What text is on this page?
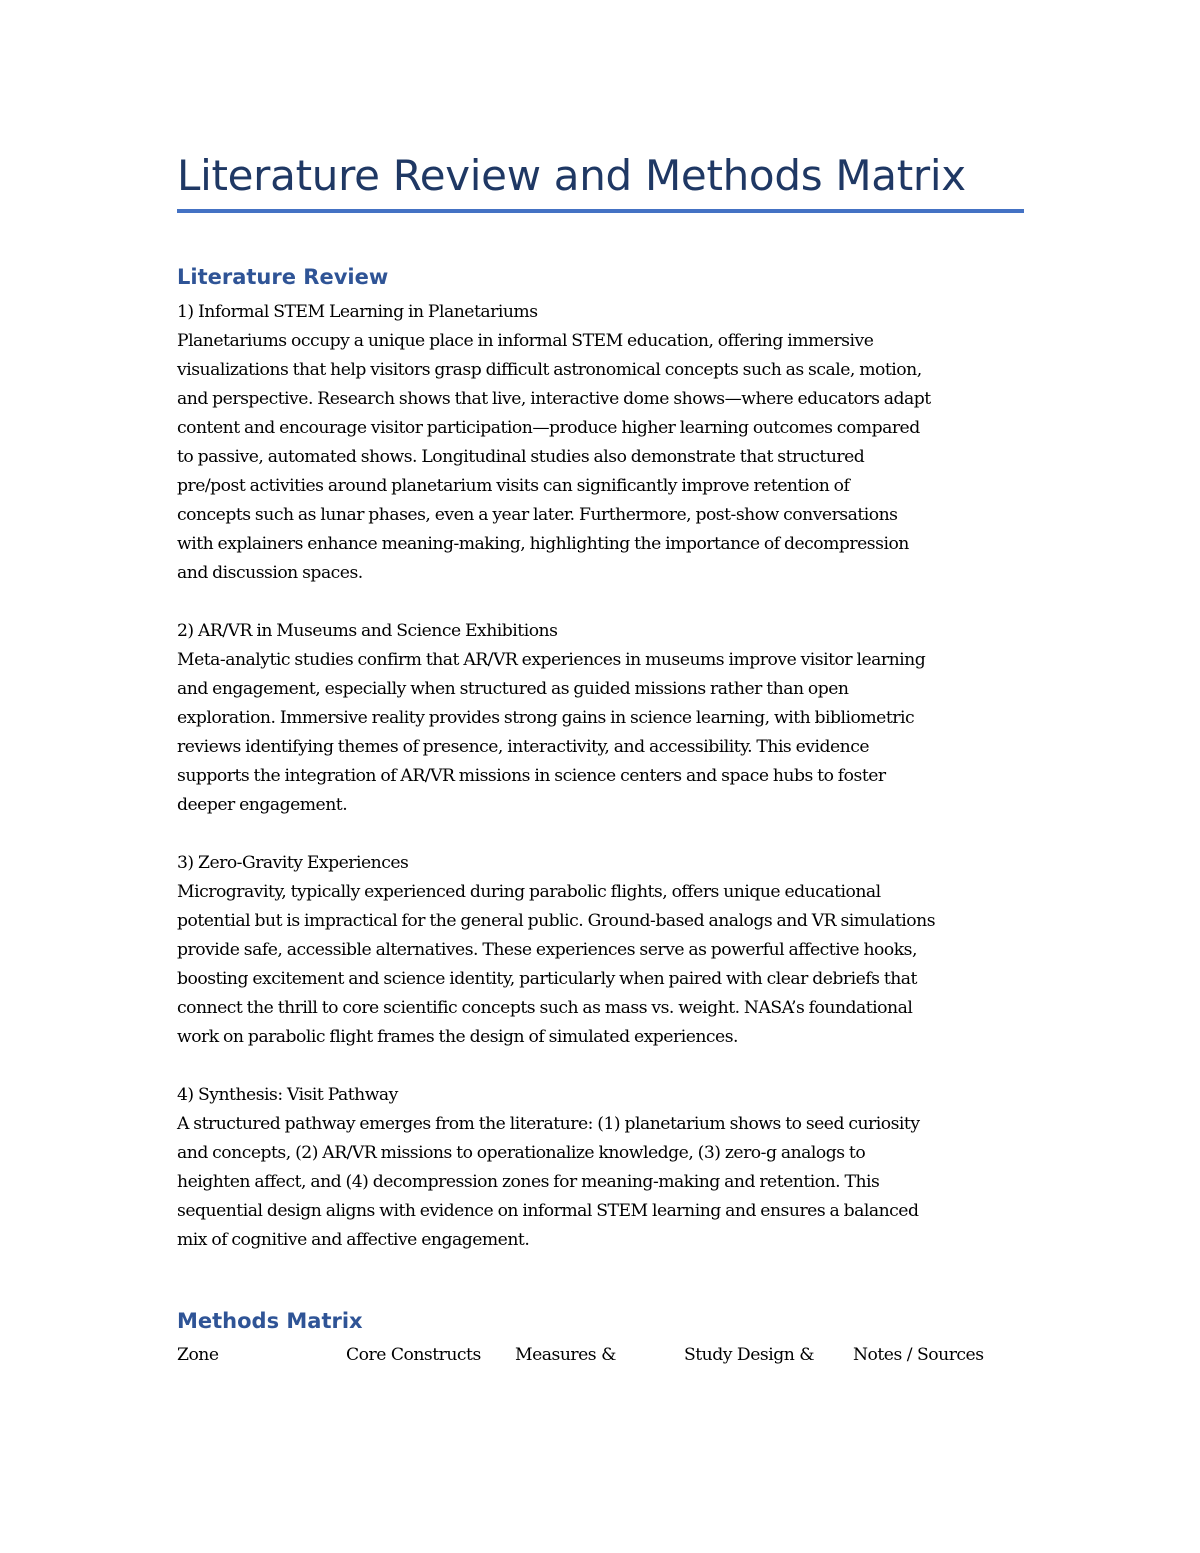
Literature Review and Methods Matrix
Literature Review

1) Informal STEM Learning in Planetariums

Planetariums occupy a unique place in informal STEM education, offering immersive

visualizations that help visitors grasp difficult astronomical concepts such as scale, motion,

and perspective. Research shows that live, interactive dome shows—where educators adapt

content and encourage visitor participation—produce higher learning outcomes compared

to passive, automated shows. Longitudinal studies also demonstrate that structured

pre/post activities around planetarium visits can significantly improve retention of

concepts such as lunar phases, even a year later. Furthermore, post-show conversations

with explainers enhance meaning-making, highlighting the importance of decompression

and discussion spaces.

2) AR/VR in Museums and Science Exhibitions

Meta-analytic studies confirm that AR/VR experiences in museums improve visitor learning

and engagement, especially when structured as guided missions rather than open

exploration. Immersive reality provides strong gains in science learning, with bibliometric

reviews identifying themes of presence, interactivity, and accessibility. This evidence

supports the integration of AR/VR missions in science centers and space hubs to foster

deeper engagement.

3) Zero-Gravity Experiences

Microgravity, typically experienced during parabolic flights, offers unique educational

potential but is impractical for the general public. Ground-based analogs and VR simulations

provide safe, accessible alternatives. These experiences serve as powerful affective hooks,

boosting excitement and science identity, particularly when paired with clear debriefs that

connect the thrill to core scientific concepts such as mass vs. weight. NASA’s foundational

work on parabolic flight frames the design of simulated experiences.

4) Synthesis: Visit Pathway

A structured pathway emerges from the literature: (1) planetarium shows to seed curiosity

and concepts, (2) AR/VR missions to operationalize knowledge, (3) zero-g analogs to

heighten affect, and (4) decompression zones for meaning-making and retention. This

sequential design aligns with evidence on informal STEM learning and ensures a balanced

mix of cognitive and affective engagement.

Methods Matrix
Zone	Core Constructs Measures &	Study Design & Notes / Sources
